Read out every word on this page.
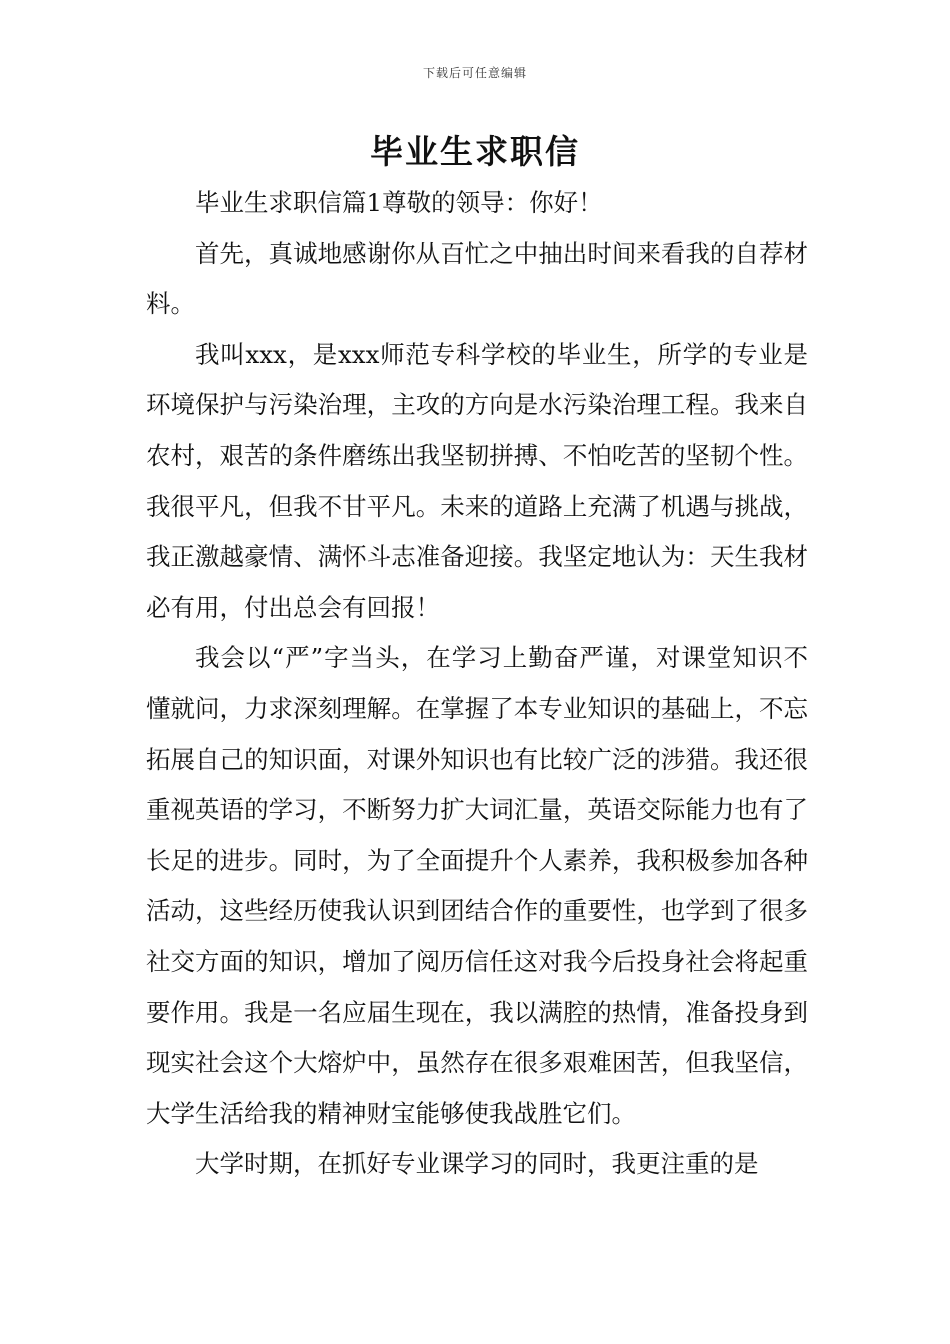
下载后可任意编辑
毕业生求职信

毕业生求职信篇1尊敬的领导：你好！

首先，真诚地感谢你从百忙之中抽出时间来看我的自荐材料。

我叫xxx，是xxx师范专科学校的毕业生，所学的专业是环境保护与污染治理，主攻的方向是水污染治理工程。我来自农村，艰苦的条件磨练出我坚韧拼搏、不怕吃苦的坚韧个性。我很平凡，但我不甘平凡。未来的道路上充满了机遇与挑战，我正激越豪情、满怀斗志准备迎接。我坚定地认为：天生我材必有用，付出总会有回报！

我会以“严”字当头，在学习上勤奋严谨，对课堂知识不懂就问，力求深刻理解。在掌握了本专业知识的基础上，不忘拓展自己的知识面，对课外知识也有比较广泛的涉猎。我还很重视英语的学习，不断努力扩大词汇量，英语交际能力也有了长足的进步。同时，为了全面提升个人素养，我积极参加各种活动，这些经历使我认识到团结合作的重要性，也学到了很多社交方面的知识，增加了阅历信任这对我今后投身社会将起重要作用。我是一名应届生现在，我以满腔的热情，准备投身到现实社会这个大熔炉中，虽然存在很多艰难困苦，但我坚信，大学生活给我的精神财宝能够使我战胜它们。

大学时期，在抓好专业课学习的同时，我更注重的是
